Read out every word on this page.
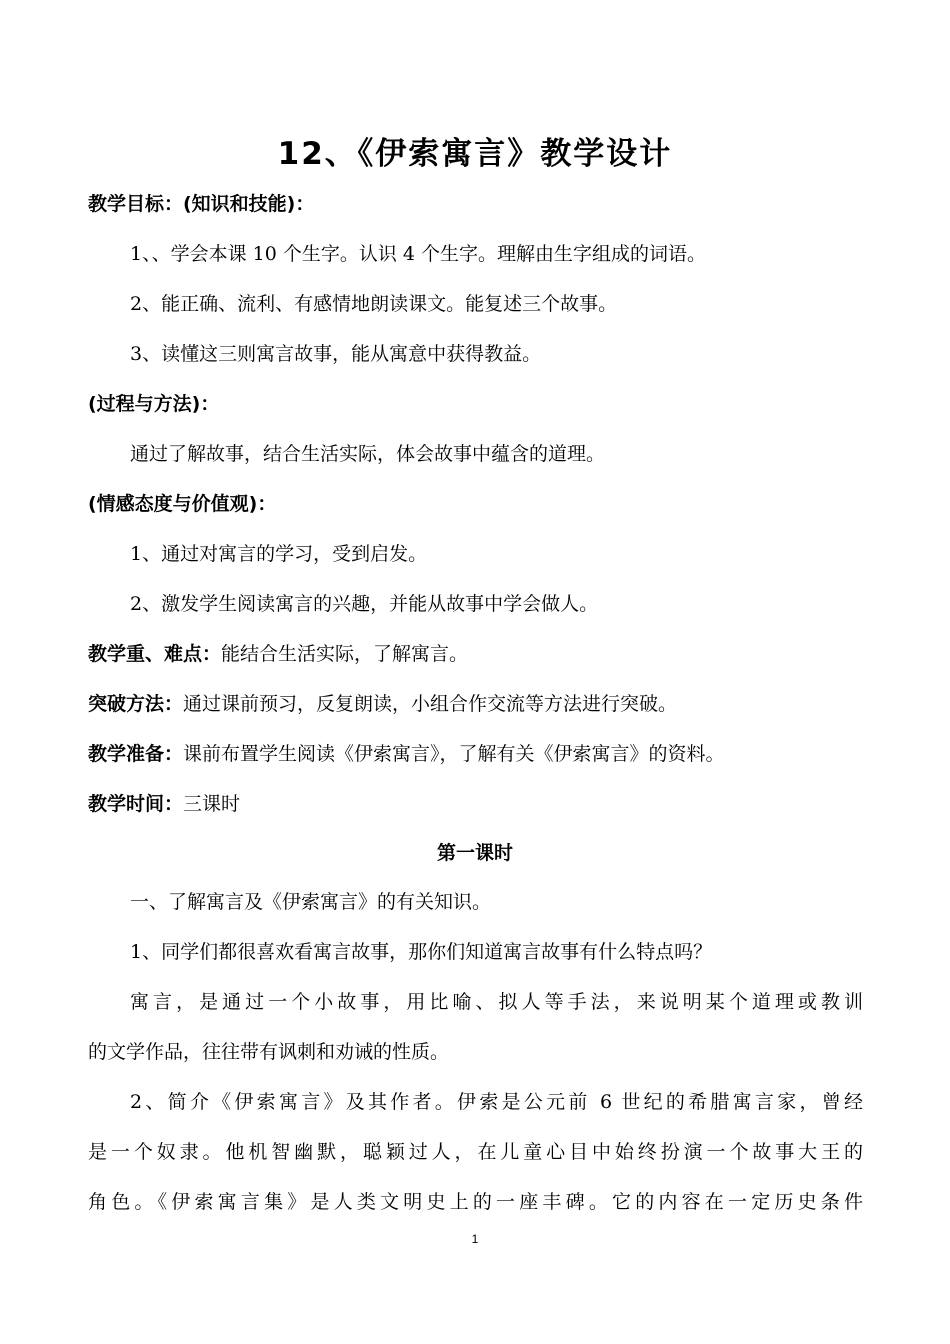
12、《伊索寓言》教学设计
教学目标：(知识和技能)：
1、、学会本课 10 个生字。认识 4 个生字。理解由生字组成的词语。
2、能正确、流利、有感情地朗读课文。能复述三个故事。
3、读懂这三则寓言故事，能从寓意中获得教益。
(过程与方法)：
通过了解故事，结合生活实际，体会故事中蕴含的道理。
(情感态度与价值观)：
1、通过对寓言的学习，受到启发。
2、激发学生阅读寓言的兴趣，并能从故事中学会做人。
教学重、难点：能结合生活实际，了解寓言。
突破方法：通过课前预习，反复朗读，小组合作交流等方法进行突破。
教学准备：课前布置学生阅读《伊索寓言》，了解有关《伊索寓言》的资料。
教学时间：三课时
第一课时
一、了解寓言及《伊索寓言》的有关知识。
1、同学们都很喜欢看寓言故事，那你们知道寓言故事有什么特点吗？
寓言，是通过一个小故事，用比喻、拟人等手法，来说明某个道理或教训
的文学作品，往往带有讽刺和劝诫的性质。
2、简介《伊索寓言》及其作者。伊索是公元前 6 世纪的希腊寓言家，曾经
是一个奴隶。他机智幽默，聪颖过人，在儿童心目中始终扮演一个故事大王的
角色。《伊索寓言集》是人类文明史上的一座丰碑。它的内容在一定历史条件
1
